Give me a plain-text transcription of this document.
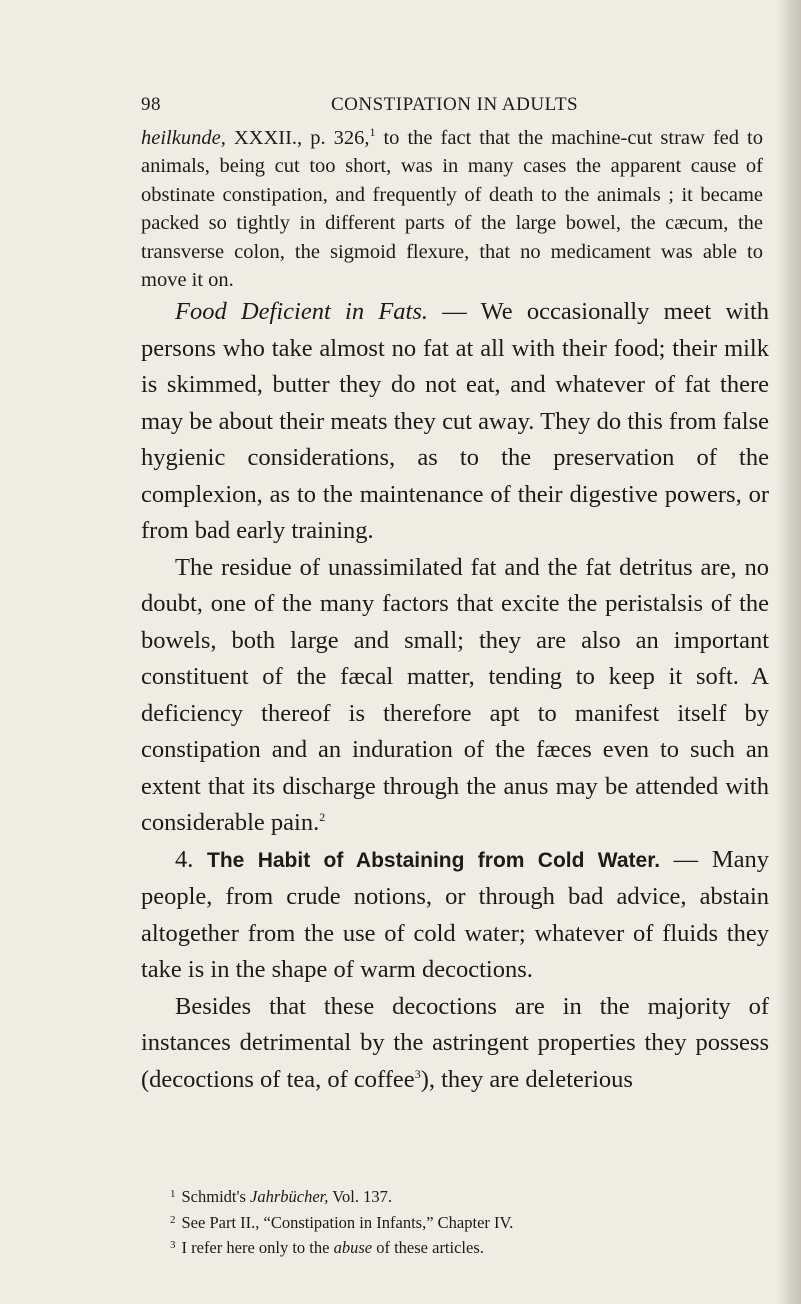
98	CONSTIPATION IN ADULTS

heilkunde, XXXII., p. 326,$^1$ to the fact that the machine-cut straw fed to animals, being cut too short, was in many cases the apparent cause of obstinate constipation, and frequently of death to the animals ; it became packed so tightly in different parts of the large bowel, the cæcum, the transverse colon, the sigmoid flexure, that no medicament was able to move it on.

Food Deficient in Fats. — We occasionally meet with persons who take almost no fat at all with their food; their milk is skimmed, butter they do not eat, and whatever of fat there may be about their meats they cut away. They do this from false hygienic considerations, as to the preservation of the complexion, as to the maintenance of their digestive powers, or from bad early training.

The residue of unassimilated fat and the fat detritus are, no doubt, one of the many factors that excite the peristalsis of the bowels, both large and small; they are also an important constituent of the fæcal matter, tending to keep it soft. A deficiency thereof is therefore apt to manifest itself by constipation and an induration of the fæces even to such an extent that its discharge through the anus may be attended with considerable pain.$^2$

4. The Habit of Abstaining from Cold Water. — Many people, from crude notions, or through bad advice, abstain altogether from the use of cold water; whatever of fluids they take is in the shape of warm decoctions.

Besides that these decoctions are in the majority of instances detrimental by the astringent properties they possess (decoctions of tea, of coffee$^3$), they are deleterious

$^1$ Schmidt's Jahrbücher, Vol. 137.

$^2$ See Part II., “Constipation in Infants,” Chapter IV.

$^3$ I refer here only to the abuse of these articles.
